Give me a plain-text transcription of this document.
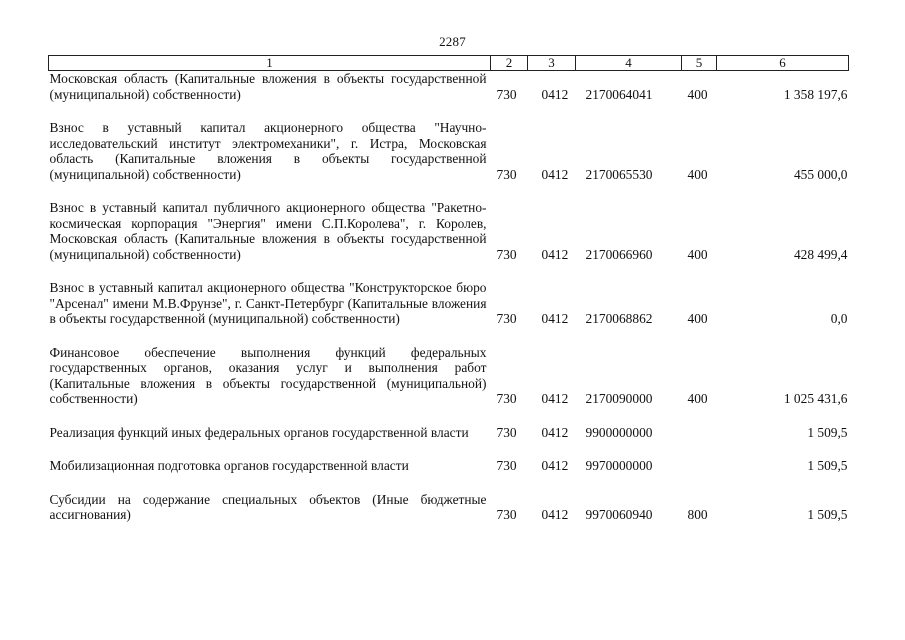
2287
1	2	3	4	5	6
Московская область (Капитальные вложения в объекты государственной (муниципальной) собственности)	730	0412	2170064041	400	1 358 197,6

Взнос в уставный капитал акционерного общества "Научно-исследовательский институт электромеханики", г. Истра, Московская область (Капитальные вложения в объекты государственной (муниципальной) собственности)	730	0412	2170065530	400	455 000,0

Взнос в уставный капитал публичного акционерного общества "Ракетно-космическая корпорация "Энергия" имени С.П.Королева", г. Королев, Московская область (Капитальные вложения в объекты государственной (муниципальной) собственности)	730	0412	2170066960	400	428 499,4

Взнос в уставный капитал акционерного общества "Конструкторское бюро "Арсенал" имени М.В.Фрунзе", г. Санкт-Петербург (Капитальные вложения в объекты государственной (муниципальной) собственности)	730	0412	2170068862	400	0,0

Финансовое обеспечение выполнения функций федеральных государственных органов, оказания услуг и выполнения работ (Капитальные вложения в объекты государственной (муниципальной) собственности)	730	0412	2170090000	400	1 025 431,6

Реализация функций иных федеральных органов государственной власти	730	0412	9900000000		1 509,5

Мобилизационная подготовка органов государственной власти	730	0412	9970000000		1 509,5

Субсидии на содержание специальных объектов (Иные бюджетные ассигнования)	730	0412	9970060940	800	1 509,5
